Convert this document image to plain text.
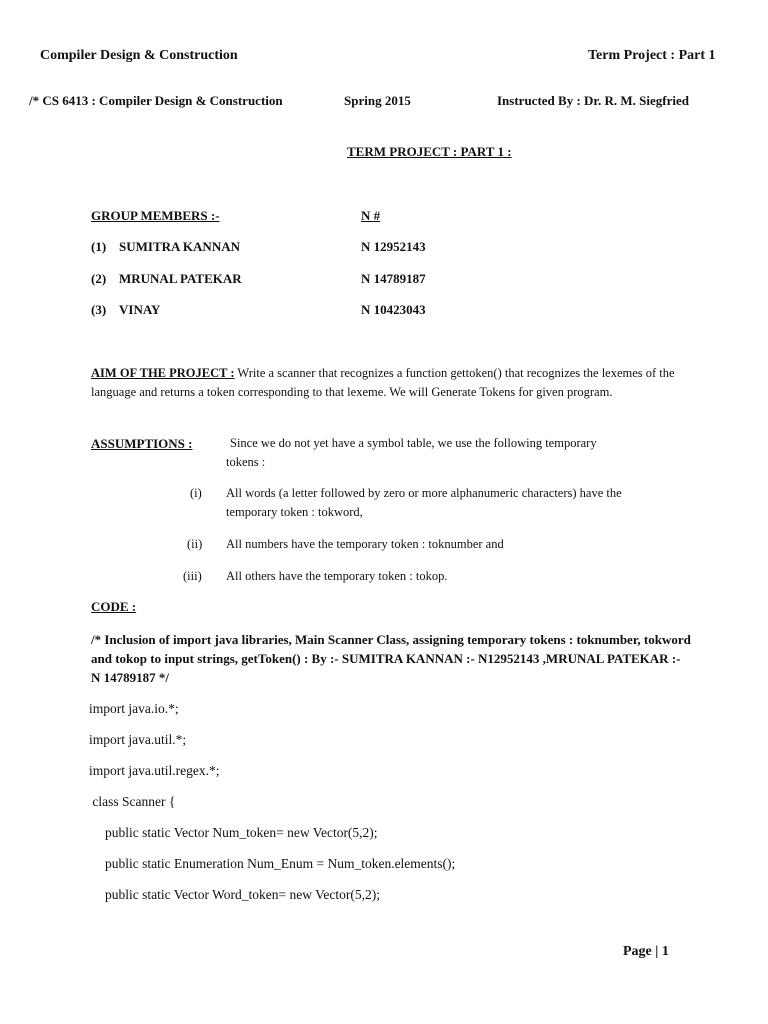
Compiler Design & Construction	Term Project : Part 1
/* CS 6413 : Compiler Design & Construction	Spring 2015	Instructed By : Dr. R. M. Siegfried
TERM PROJECT : PART 1 :
GROUP MEMBERS :-	N #
(1) SUMITRA KANNAN	N 12952143
(2) MRUNAL PATEKAR	N 14789187
(3) VINAY	N 10423043
AIM OF THE PROJECT : Write a scanner that recognizes a function gettoken() that recognizes the lexemes of the language and returns a token corresponding to that lexeme. We will Generate Tokens for given program.
ASSUMPTIONS :	Since we do not yet have a symbol table, we use the following temporary
tokens :
(i) All words (a letter followed by zero or more alphanumeric characters) have the
temporary token : tokword,
(ii) All numbers have the temporary token : toknumber and
(iii) All others have the temporary token : tokop.
CODE :
/* Inclusion of import java libraries, Main Scanner Class, assigning temporary tokens : toknumber, tokword and tokop to input strings, getToken() : By :- SUMITRA KANNAN :- N12952143 ,MRUNAL PATEKAR :- N 14789187 */
import java.io.*;
import java.util.*;
import java.util.regex.*;
class Scanner {
public static Vector Num_token= new Vector(5,2);
public static Enumeration Num_Enum = Num_token.elements();
public static Vector Word_token= new Vector(5,2);
Page | 1
